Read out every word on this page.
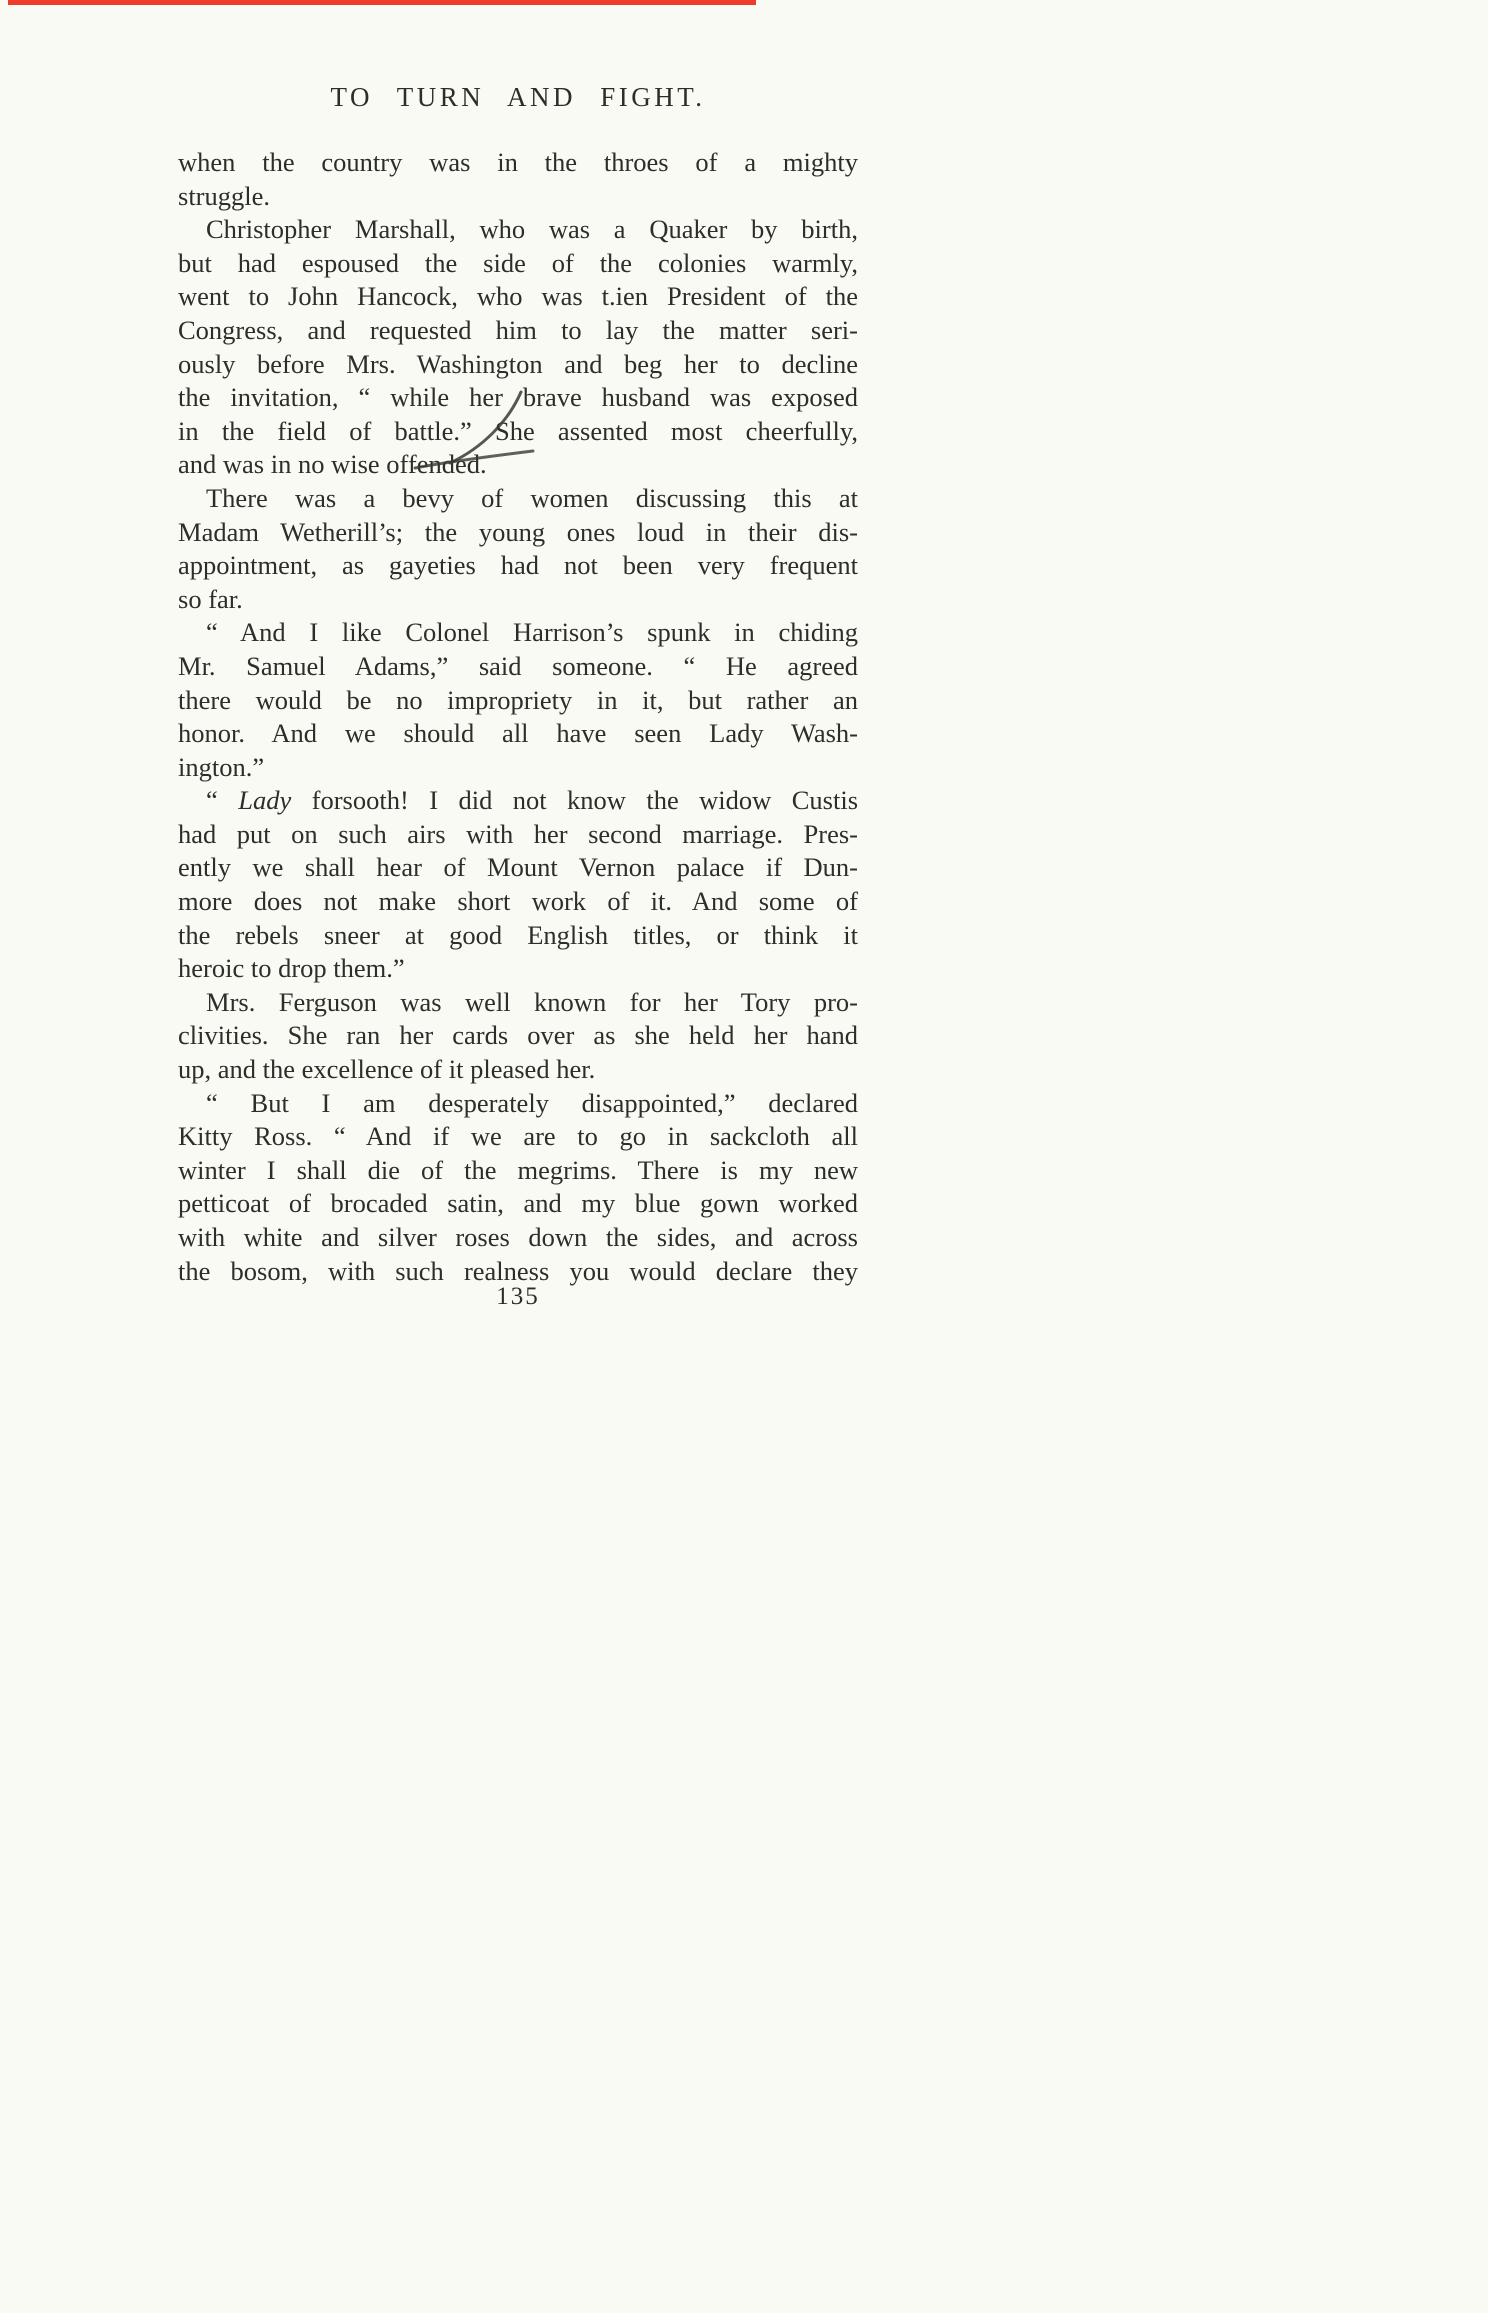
TO TURN AND FIGHT.
when the country was in the throes of a mighty
struggle.
Christopher Marshall, who was a Quaker by birth,
but had espoused the side of the colonies warmly,
went to John Hancock, who was t.ien President of the
Congress, and requested him to lay the matter seri-
ously before Mrs. Washington and beg her to decline
the invitation, “ while her brave husband was exposed
in the field of battle.” She assented most cheerfully,
and was in no wise offended.
There was a bevy of women discussing this at
Madam Wetherill’s; the young ones loud in their dis-
appointment, as gayeties had not been very frequent
so far.
“ And I like Colonel Harrison’s spunk in chiding
Mr. Samuel Adams,” said someone. “ He agreed
there would be no impropriety in it, but rather an
honor. And we should all have seen Lady Wash-
ington.”
“ Lady forsooth! I did not know the widow Custis
had put on such airs with her second marriage. Pres-
ently we shall hear of Mount Vernon palace if Dun-
more does not make short work of it. And some of
the rebels sneer at good English titles, or think it
heroic to drop them.”
Mrs. Ferguson was well known for her Tory pro-
clivities. She ran her cards over as she held her hand
up, and the excellence of it pleased her.
“ But I am desperately disappointed,” declared
Kitty Ross. “ And if we are to go in sackcloth all
winter I shall die of the megrims. There is my new
petticoat of brocaded satin, and my blue gown worked
with white and silver roses down the sides, and across
the bosom, with such realness you would declare they
135
